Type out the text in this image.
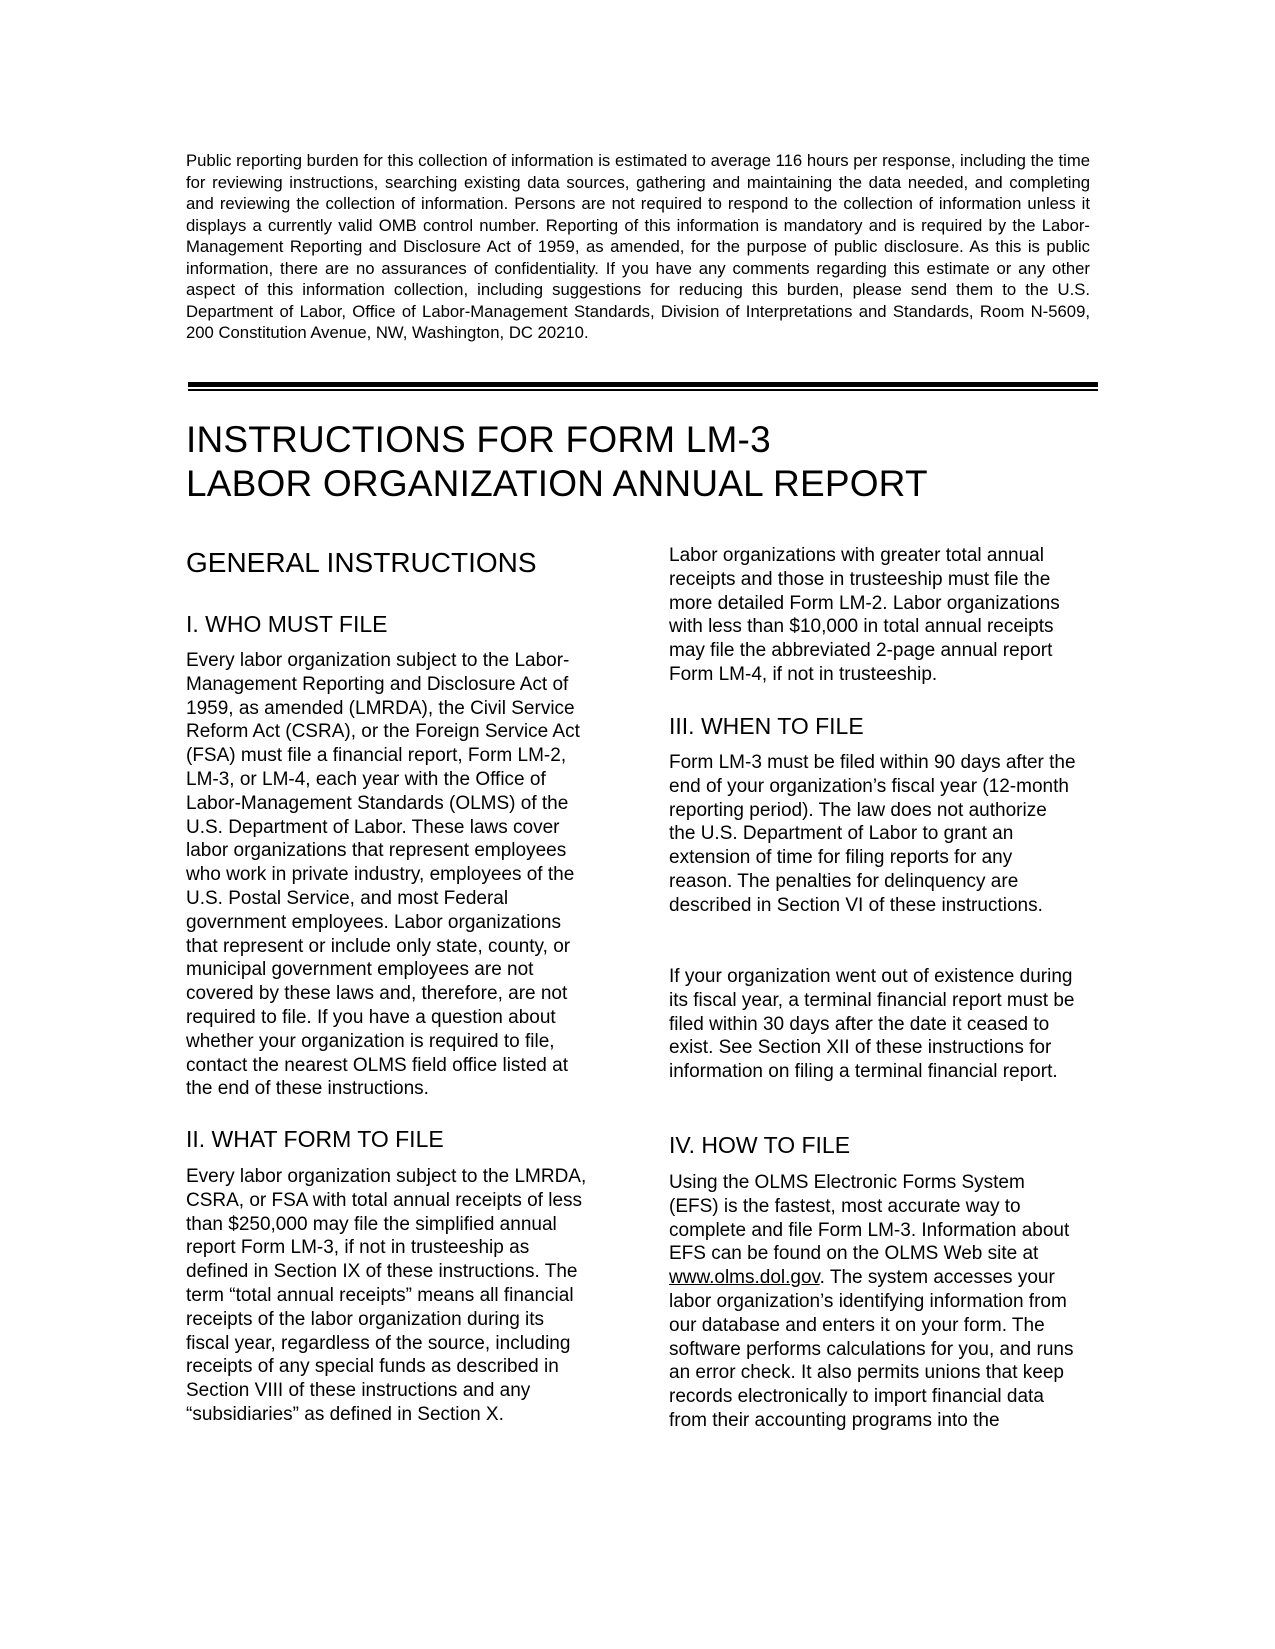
Public reporting burden for this collection of information is estimated to average 116 hours per response, including the time for reviewing instructions, searching existing data sources, gathering and maintaining the data needed, and completing and reviewing the collection of information. Persons are not required to respond to the collection of information unless it displays a currently valid OMB control number. Reporting of this information is mandatory and is required by the Labor-Management Reporting and Disclosure Act of 1959, as amended, for the purpose of public disclosure. As this is public information, there are no assurances of confidentiality. If you have any comments regarding this estimate or any other aspect of this information collection, including suggestions for reducing this burden, please send them to the U.S. Department of Labor, Office of Labor-Management Standards, Division of Interpretations and Standards, Room N-5609, 200 Constitution Avenue, NW, Washington, DC 20210.

INSTRUCTIONS FOR FORM LM-3
LABOR ORGANIZATION ANNUAL REPORT
GENERAL INSTRUCTIONS
I. WHO MUST FILE

Every labor organization subject to the Labor-Management Reporting and Disclosure Act of 1959, as amended (LMRDA), the Civil Service Reform Act (CSRA), or the Foreign Service Act (FSA) must file a financial report, Form LM-2, LM-3, or LM-4, each year with the Office of Labor-Management Standards (OLMS) of the U.S. Department of Labor. These laws cover labor organizations that represent employees who work in private industry, employees of the U.S. Postal Service, and most Federal government employees. Labor organizations that represent or include only state, county, or municipal government employees are not covered by these laws and, therefore, are not required to file. If you have a question about whether your organization is required to file, contact the nearest OLMS field office listed at the end of these instructions.

II. WHAT FORM TO FILE

Every labor organization subject to the LMRDA, CSRA, or FSA with total annual receipts of less than $250,000 may file the simplified annual report Form LM-3, if not in trusteeship as defined in Section IX of these instructions. The term “total annual receipts” means all financial receipts of the labor organization during its fiscal year, regardless of the source, including receipts of any special funds as described in Section VIII of these instructions and any “subsidiaries” as defined in Section X.

Labor organizations with greater total annual receipts and those in trusteeship must file the more detailed Form LM-2. Labor organizations with less than $10,000 in total annual receipts may file the abbreviated 2-page annual report Form LM-4, if not in trusteeship.

III. WHEN TO FILE

Form LM-3 must be filed within 90 days after the end of your organization’s fiscal year (12-month reporting period). The law does not authorize the U.S. Department of Labor to grant an extension of time for filing reports for any reason. The penalties for delinquency are described in Section VI of these instructions.

If your organization went out of existence during its fiscal year, a terminal financial report must be filed within 30 days after the date it ceased to exist. See Section XII of these instructions for information on filing a terminal financial report.

IV. HOW TO FILE

Using the OLMS Electronic Forms System (EFS) is the fastest, most accurate way to complete and file Form LM-3. Information about EFS can be found on the OLMS Web site at www.olms.dol.gov. The system accesses your labor organization’s identifying information from our database and enters it on your form. The software performs calculations for you, and runs an error check. It also permits unions that keep records electronically to import financial data from their accounting programs into the
